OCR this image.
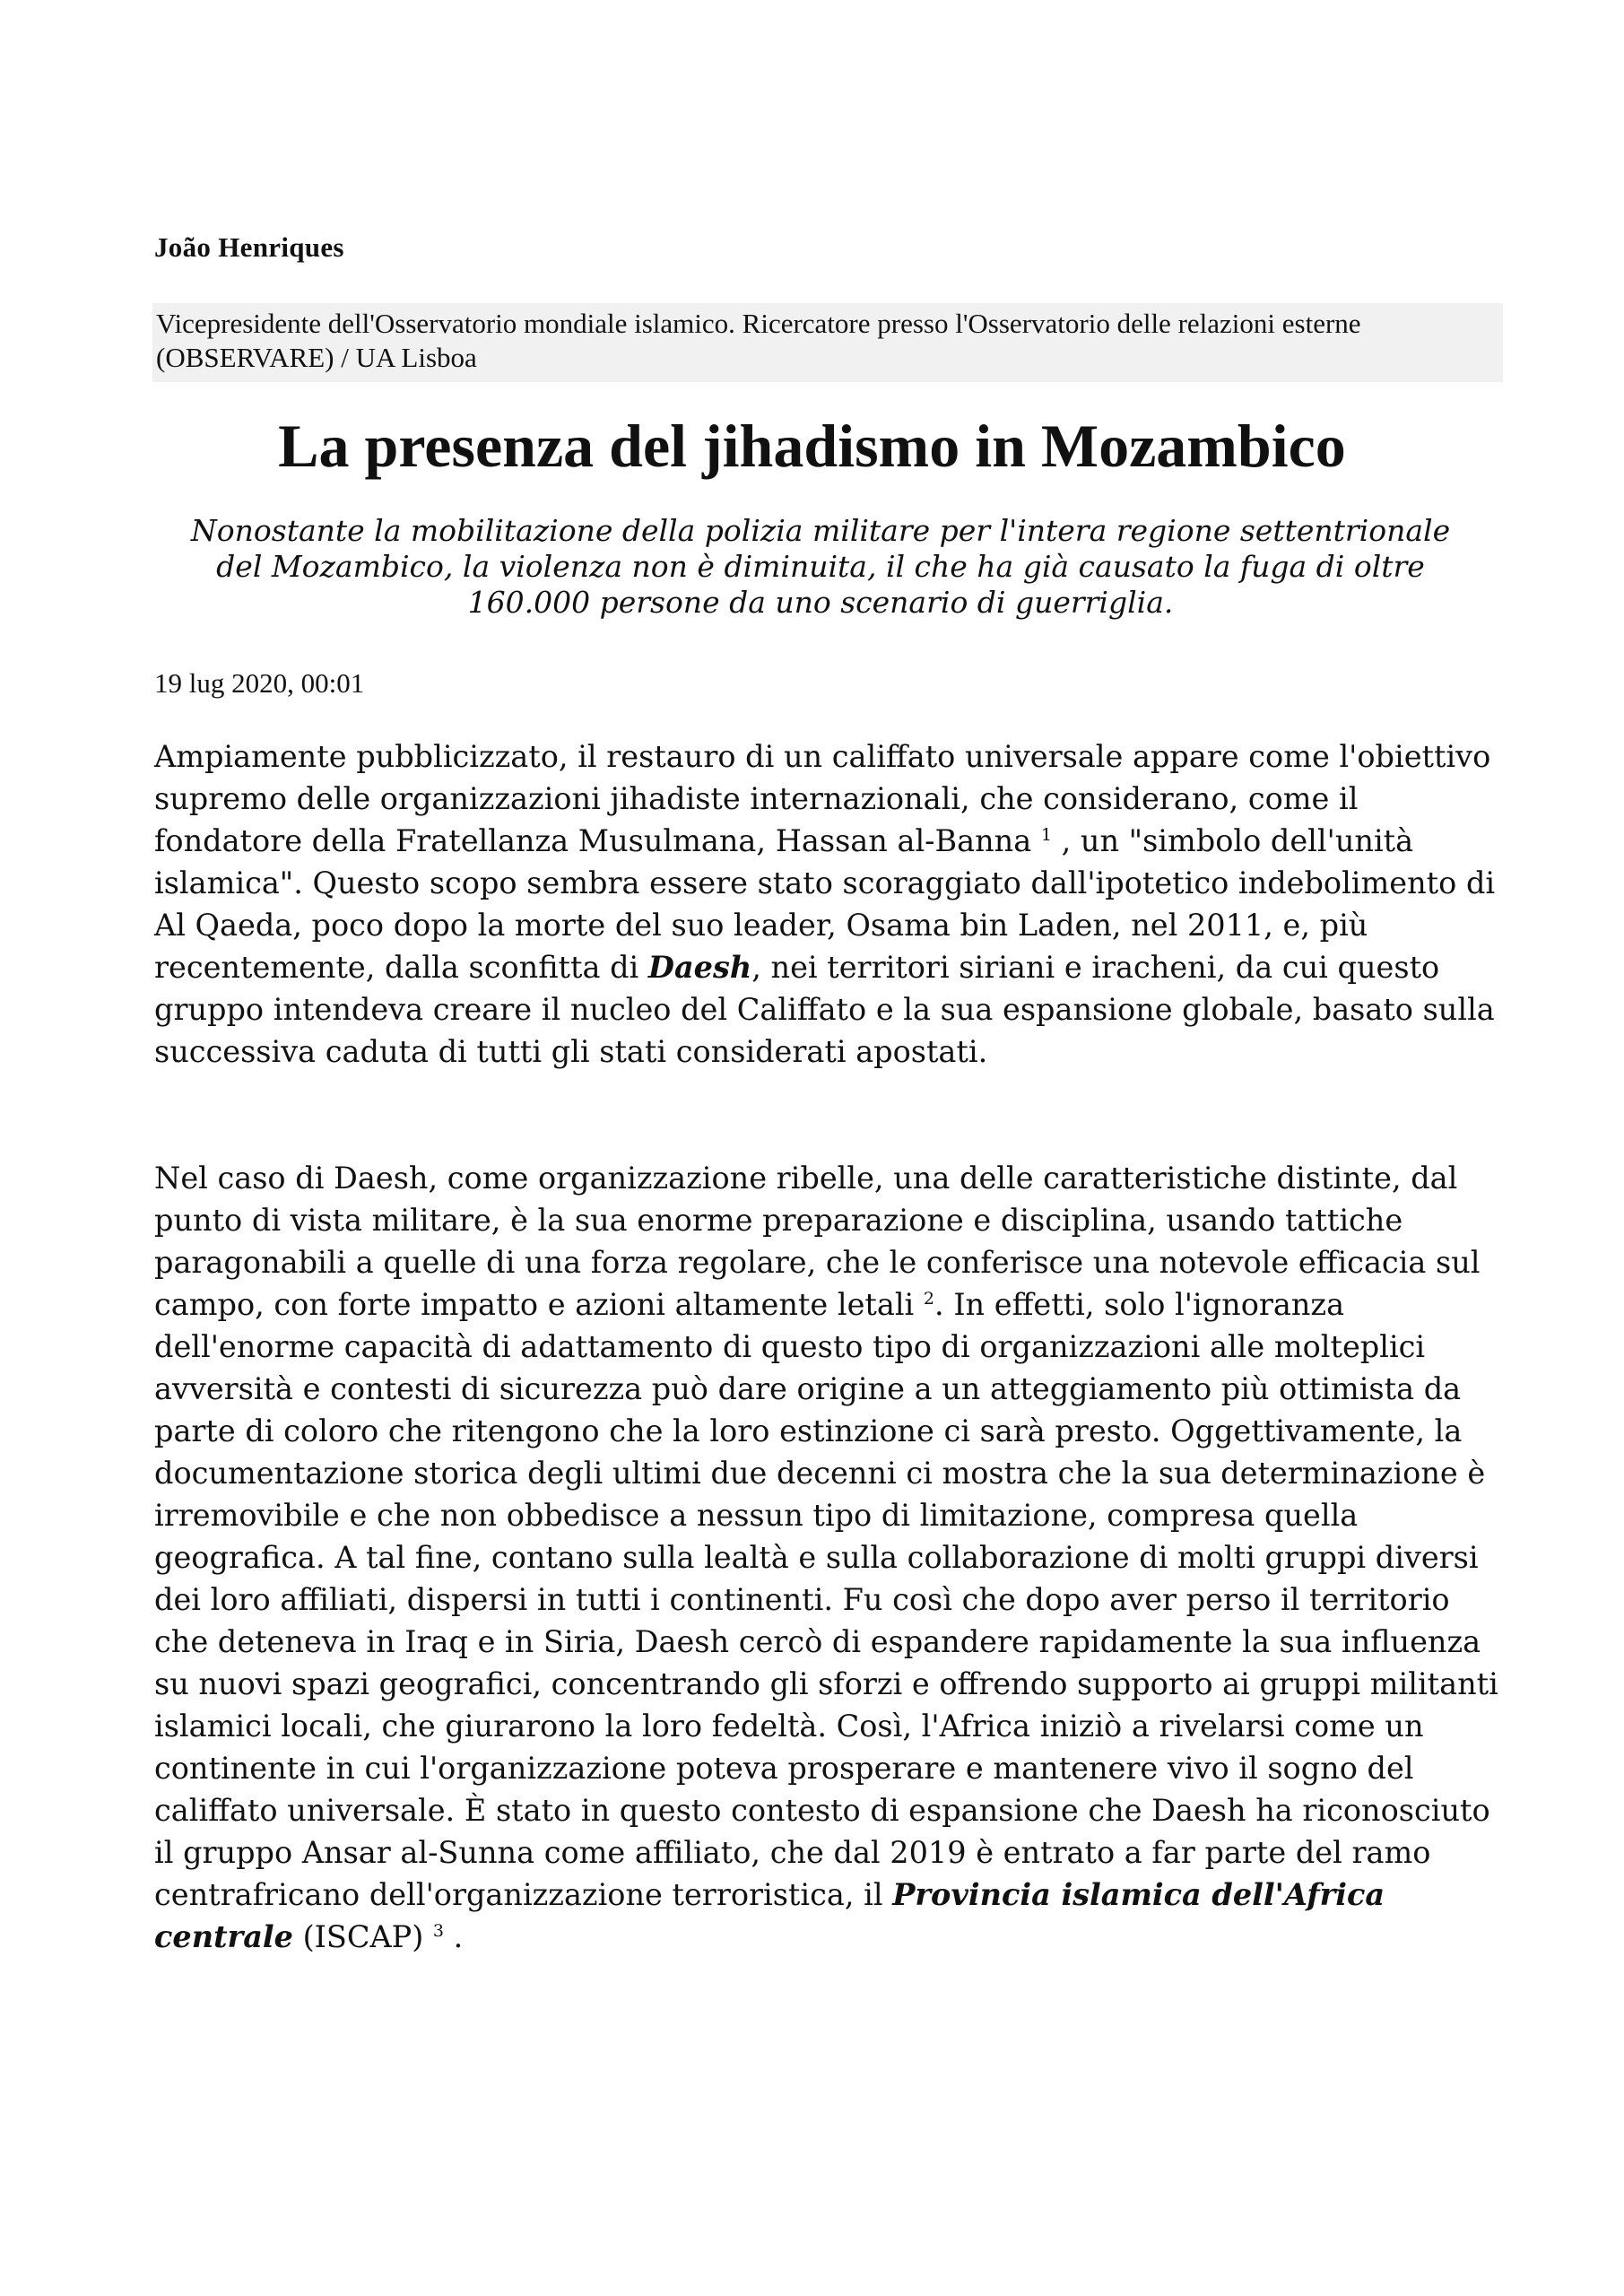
João Henriques
Vicepresidente dell'Osservatorio mondiale islamico. Ricercatore presso l'Osservatorio delle relazioni esterne (OBSERVARE) / UA Lisboa
La presenza del jihadismo in Mozambico
Nonostante la mobilitazione della polizia militare per l'intera regione settentrionale del Mozambico, la violenza non è diminuita, il che ha già causato la fuga di oltre 160.000 persone da uno scenario di guerriglia.
19 lug 2020, 00:01

Ampiamente pubblicizzato, il restauro di un califfato universale appare come l'obiettivo supremo delle organizzazioni jihadiste internazionali, che considerano, come il fondatore della Fratellanza Musulmana, Hassan al-Banna $^1$ , un "simbolo dell'unità islamica". Questo scopo sembra essere stato scoraggiato dall'ipotetico indebolimento di Al Qaeda, poco dopo la morte del suo leader, Osama bin Laden, nel 2011, e, più recentemente, dalla sconfitta di Daesh, nei territori siriani e iracheni, da cui questo gruppo intendeva creare il nucleo del Califfato e la sua espansione globale, basato sulla successiva caduta di tutti gli stati considerati apostati.

Nel caso di Daesh, come organizzazione ribelle, una delle caratteristiche distinte, dal punto di vista militare, è la sua enorme preparazione e disciplina, usando tattiche paragonabili a quelle di una forza regolare, che le conferisce una notevole efficacia sul campo, con forte impatto e azioni altamente letali $^2$. In effetti, solo l'ignoranza dell'enorme capacità di adattamento di questo tipo di organizzazioni alle molteplici avversità e contesti di sicurezza può dare origine a un atteggiamento più ottimista da parte di coloro che ritengono che la loro estinzione ci sarà presto. Oggettivamente, la documentazione storica degli ultimi due decenni ci mostra che la sua determinazione è irremovibile e che non obbedisce a nessun tipo di limitazione, compresa quella geografica. A tal fine, contano sulla lealtà e sulla collaborazione di molti gruppi diversi dei loro affiliati, dispersi in tutti i continenti. Fu così che dopo aver perso il territorio che deteneva in Iraq e in Siria, Daesh cercò di espandere rapidamente la sua influenza su nuovi spazi geografici, concentrando gli sforzi e offrendo supporto ai gruppi militanti islamici locali, che giurarono la loro fedeltà. Così, l'Africa iniziò a rivelarsi come un continente in cui l'organizzazione poteva prosperare e mantenere vivo il sogno del califfato universale. È stato in questo contesto di espansione che Daesh ha riconosciuto il gruppo Ansar al-Sunna come affiliato, che dal 2019 è entrato a far parte del ramo centrafricano dell'organizzazione terroristica, il Provincia islamica dell'Africa centrale (ISCAP) $^3$ .
